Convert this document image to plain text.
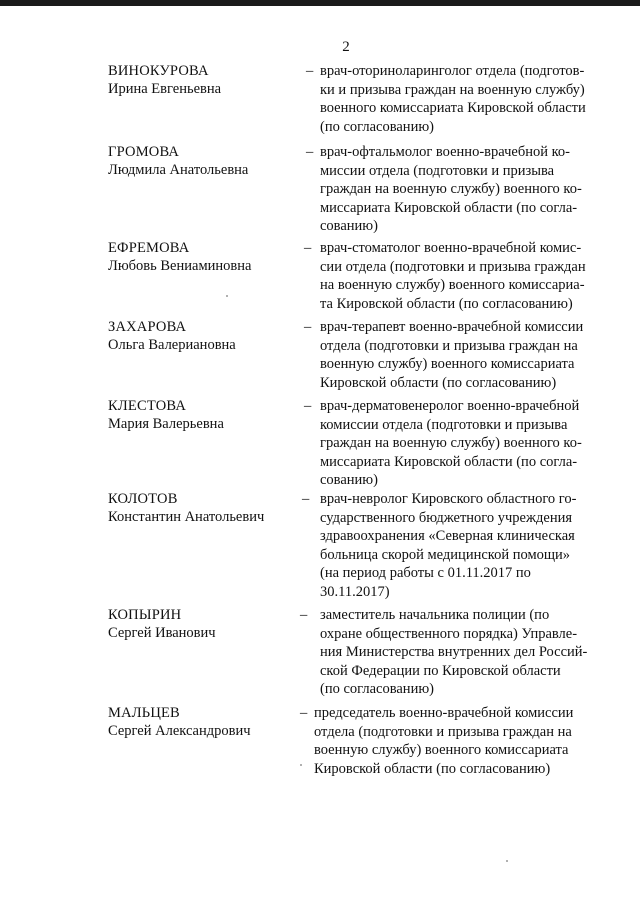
2
ВИНОКУРОВА
Ирина Евгеньевна
– врач-оториноларинголог отдела (подготов-
ки и призыва граждан на военную службу)
военного комиссариата Кировской области
(по согласованию)
ГРОМОВА
Людмила Анатольевна
– врач-офтальмолог военно-врачебной ко-
миссии отдела (подготовки и призыва
граждан на военную службу) военного ко-
миссариата Кировской области (по согла-
сованию)
ЕФРЕМОВА
Любовь Вениаминовна
– врач-стоматолог военно-врачебной комис-
сии отдела (подготовки и призыва граждан
на военную службу) военного комиссариа-
та Кировской области (по согласованию)
ЗАХАРОВА
Ольга Валериановна
– врач-терапевт военно-врачебной комиссии
отдела (подготовки и призыва граждан на
военную службу) военного комиссариата
Кировской области (по согласованию)
КЛЕСТОВА
Мария Валерьевна
– врач-дерматовенеролог военно-врачебной
комиссии отдела (подготовки и призыва
граждан на военную службу) военного ко-
миссариата Кировской области (по согла-
сованию)
КОЛОТОВ
Константин Анатольевич
– врач-невролог Кировского областного го-
сударственного бюджетного учреждения
здравоохранения «Северная клиническая
больница скорой медицинской помощи»
(на период работы с 01.11.2017 по
30.11.2017)
КОПЫРИН
Сергей Иванович
– заместитель начальника полиции (по
охране общественного порядка) Управле-
ния Министерства внутренних дел Россий-
ской Федерации по Кировской области
(по согласованию)
МАЛЬЦЕВ
Сергей Александрович
– председатель военно-врачебной комиссии
отдела (подготовки и призыва граждан на
военную службу) военного комиссариата
Кировской области (по согласованию)
